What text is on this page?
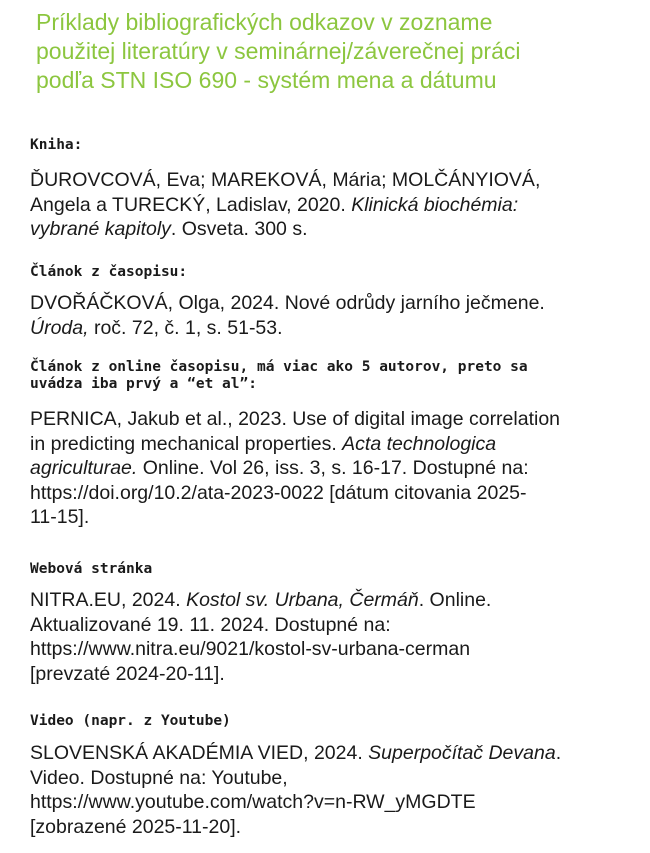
Príklady bibliografických odkazov v zozname
použitej literatúry v seminárnej/záverečnej práci
podľa STN ISO 690 - systém mena a dátumu
Kniha:

ĎUROVCOVÁ, Eva; MAREKOVÁ, Mária; MOLČÁNYIOVÁ,
Angela a TURECKÝ, Ladislav, 2020. Klinická biochémia:
vybrané kapitoly. Osveta. 300 s.

Článok z časopisu:

DVOŘÁČKOVÁ, Olga, 2024. Nové odrůdy jarního ječmene.
Úroda, roč. 72, č. 1, s. 51-53.

Článok z online časopisu, má viac ako 5 autorov, preto sa
uvádza iba prvý a “et al”:

PERNICA, Jakub et al., 2023. Use of digital image correlation
in predicting mechanical properties. Acta technologica
agriculturae. Online. Vol 26, iss. 3, s. 16-17. Dostupné na:
https://doi.org/10.2/ata-2023-0022 [dátum citovania 2025-
11-15].

Webová stránka

NITRA.EU, 2024. Kostol sv. Urbana, Čermáň. Online.
Aktualizované 19. 11. 2024. Dostupné na:
https://www.nitra.eu/9021/kostol-sv-urbana-cerman
[prevzaté 2024-20-11].

Video (napr. z Youtube)

SLOVENSKÁ AKADÉMIA VIED, 2024. Superpočítač Devana.
Video. Dostupné na: Youtube,
https://www.youtube.com/watch?v=n-RW_yMGDTE
[zobrazené 2025-11-20].
